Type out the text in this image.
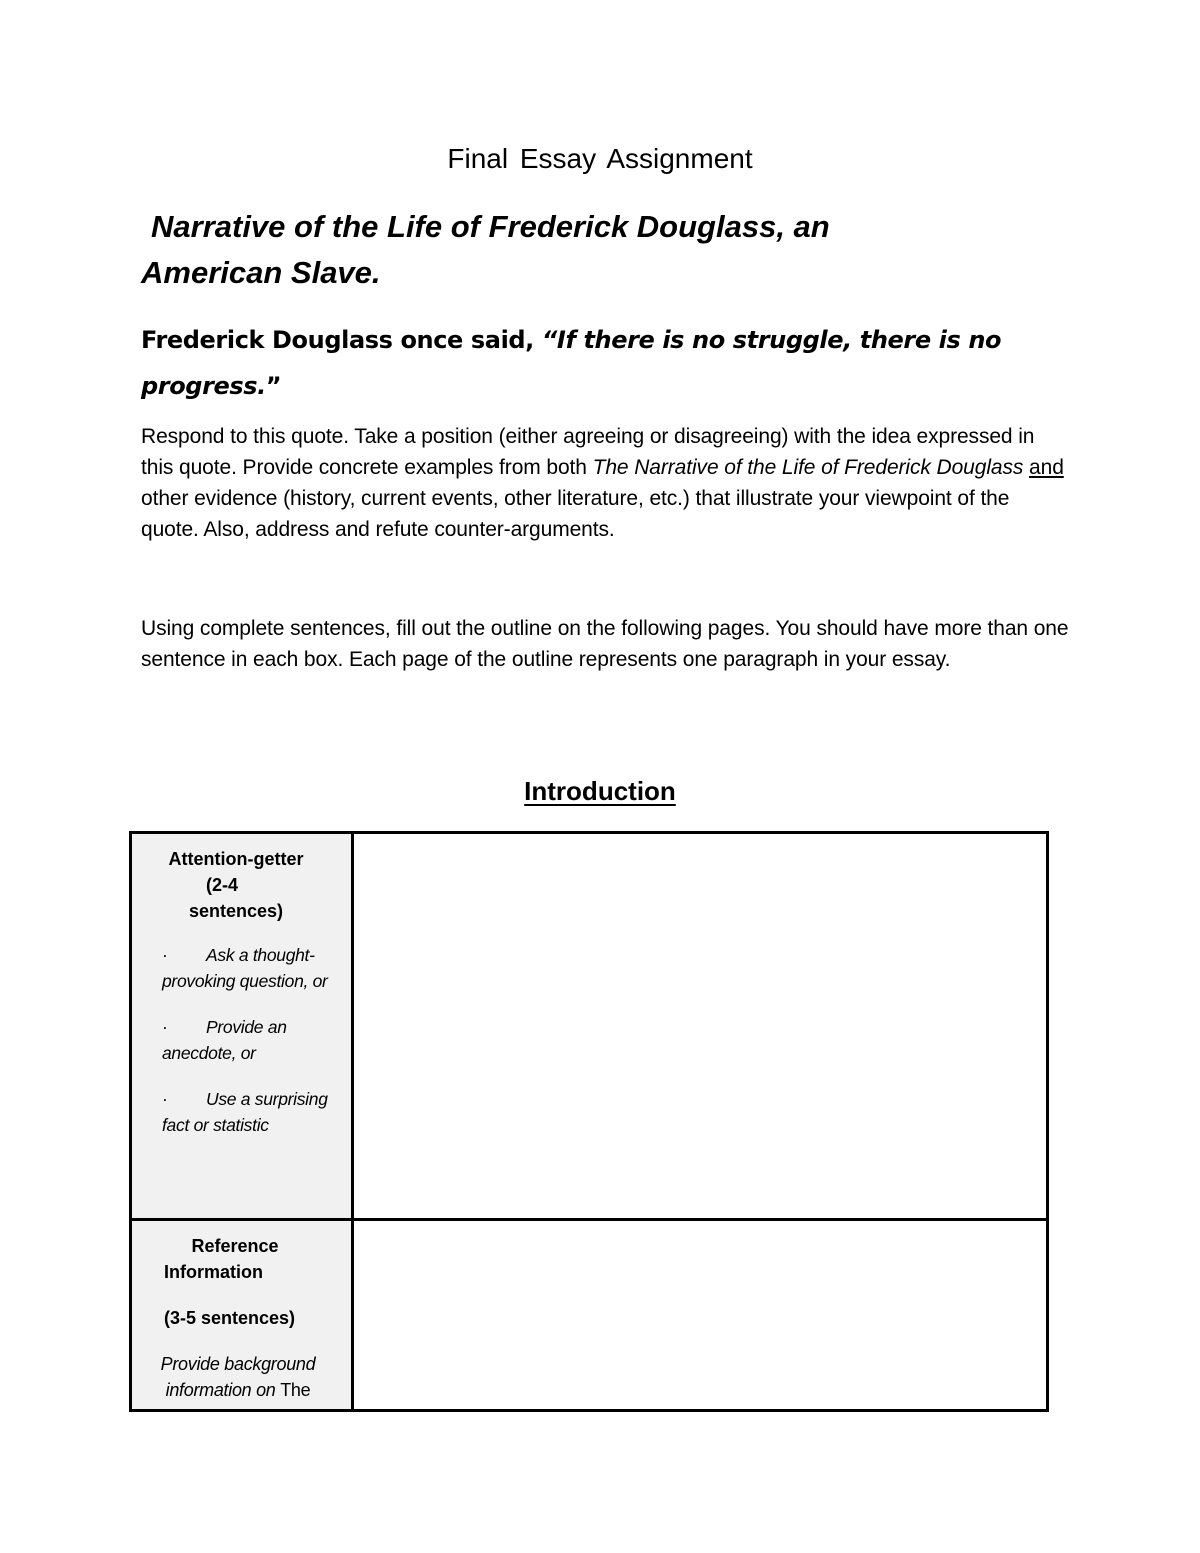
Final Essay Assignment
Narrative of the Life of Frederick Douglass, an
American Slave.
Frederick Douglass once said, “If there is no struggle, there is no progress.”
Respond to this quote. Take a position (either agreeing or disagreeing) with the idea expressed in this quote. Provide concrete examples from both The Narrative of the Life of Frederick Douglass and other evidence (history, current events, other literature, etc.) that illustrate your viewpoint of the quote. Also, address and refute counter-arguments.
Using complete sentences, fill out the outline on the following pages. You should have more than one sentence in each box. Each page of the outline represents one paragraph in your essay.
Introduction
Attention-getter
(2-4
sentences)
· Ask a thought-provoking question, or
· Provide an anecdote, or
· Use a surprising fact or statistic
Reference
Information
(3-5 sentences)
Provide background information on The
